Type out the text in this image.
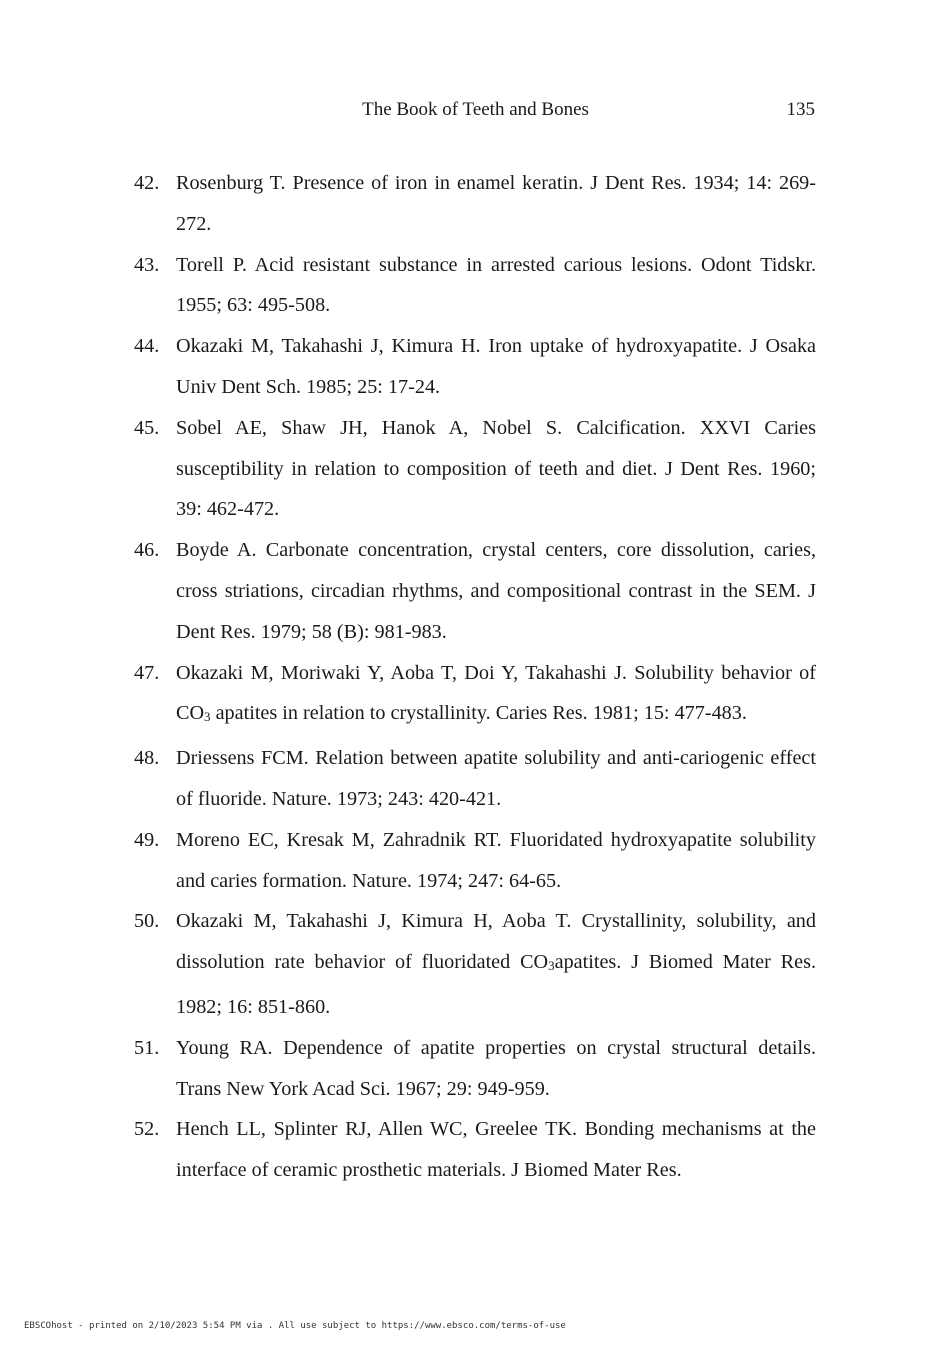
The Book of Teeth and Bones	135
42. Rosenburg T. Presence of iron in enamel keratin. J Dent Res. 1934; 14: 269-272.
43. Torell P. Acid resistant substance in arrested carious lesions. Odont Tidskr. 1955; 63: 495-508.
44. Okazaki M, Takahashi J, Kimura H. Iron uptake of hydroxyapatite. J Osaka Univ Dent Sch. 1985; 25: 17-24.
45. Sobel AE, Shaw JH, Hanok A, Nobel S. Calcification. XXVI Caries susceptibility in relation to composition of teeth and diet. J Dent Res. 1960; 39: 462-472.
46. Boyde A. Carbonate concentration, crystal centers, core dissolution, caries, cross striations, circadian rhythms, and compositional contrast in the SEM. J Dent Res. 1979; 58 (B): 981-983.
47. Okazaki M, Moriwaki Y, Aoba T, Doi Y, Takahashi J. Solubility behavior of $CO_3$ apatites in relation to crystallinity. Caries Res. 1981; 15: 477-483.
48. Driessens FCM. Relation between apatite solubility and anti-cariogenic effect of fluoride. Nature. 1973; 243: 420-421.
49. Moreno EC, Kresak M, Zahradnik RT. Fluoridated hydroxyapatite solubility and caries formation. Nature. 1974; 247: 64-65.
50. Okazaki M, Takahashi J, Kimura H, Aoba T. Crystallinity, solubility, and dissolution rate behavior of fluoridated $CO_3apatites$. J Biomed Mater Res. 1982; 16: 851-860.
51. Young RA. Dependence of apatite properties on crystal structural details. Trans New York Acad Sci. 1967; 29: 949-959.
52. Hench LL, Splinter RJ, Allen WC, Greelee TK. Bonding mechanisms at the interface of ceramic prosthetic materials. J Biomed Mater Res.
EBSCOhost - printed on 2/10/2023 5:54 PM via . All use subject to https://www.ebsco.com/terms-of-use
